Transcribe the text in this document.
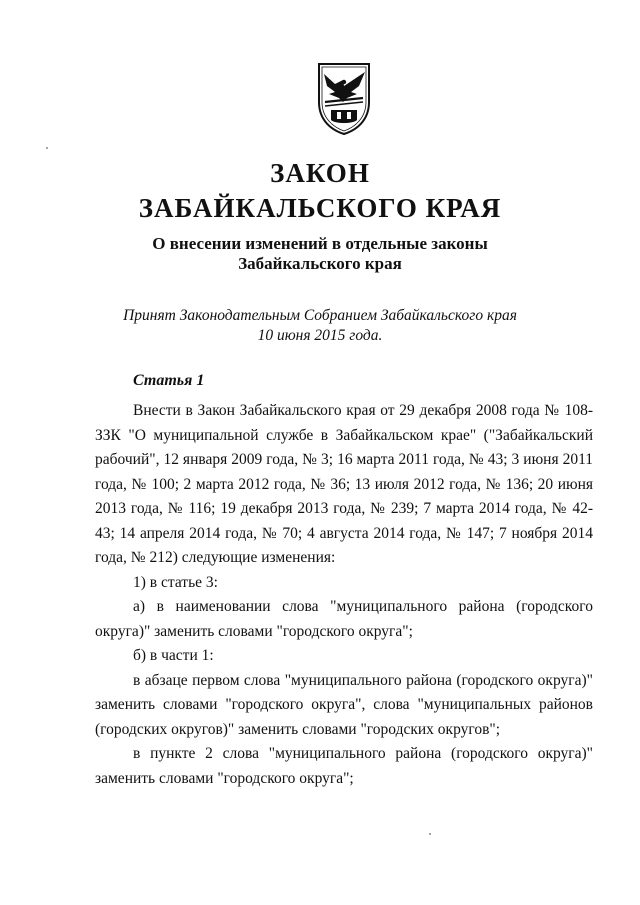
ЗАКОН
ЗАБАЙКАЛЬСКОГО КРАЯ
О внесении изменений в отдельные законы
Забайкальского края
Принят Законодательным Собранием Забайкальского края
10 июня 2015 года.
Статья 1

Внести в Закон Забайкальского края от 29 декабря 2008 года № 108-ЗЗК "О муниципальной службе в Забайкальском крае" ("Забайкальский рабочий", 12 января 2009 года, № 3; 16 марта 2011 года, № 43; 3 июня 2011 года, № 100; 2 марта 2012 года, № 36; 13 июля 2012 года, № 136; 20 июня 2013 года, № 116; 19 декабря 2013 года, № 239; 7 марта 2014 года, № 42-43; 14 апреля 2014 года, № 70; 4 августа 2014 года, № 147; 7 ноября 2014 года, № 212) следующие изменения:

1) в статье 3:

а) в наименовании слова "муниципального района (городского округа)" заменить словами "городского округа";

б) в части 1:

в абзаце первом слова "муниципального района (городского округа)" заменить словами "городского округа", слова "муниципальных районов (городских округов)" заменить словами "городских округов";

в пункте 2 слова "муниципального района (городского округа)" заменить словами "городского округа";
